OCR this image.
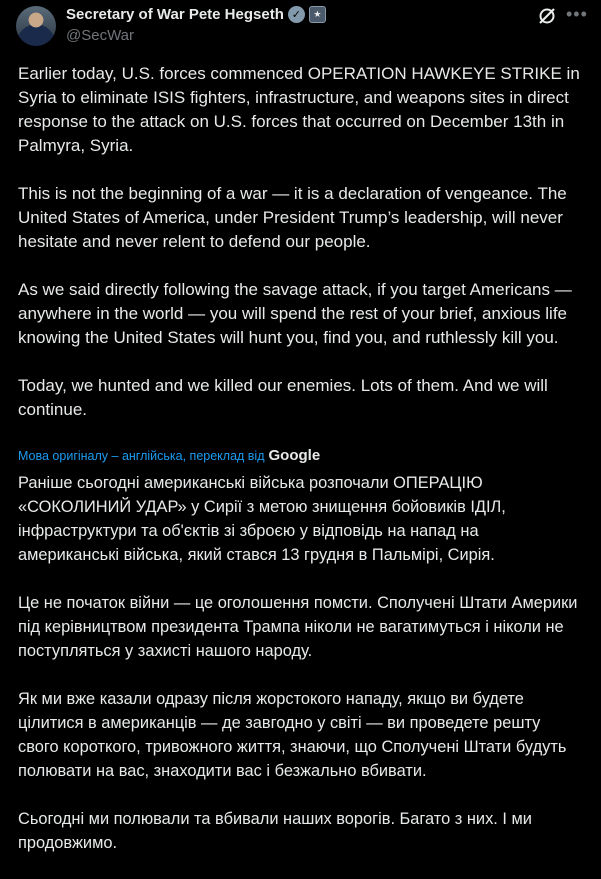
Secretary of War Pete Hegseth ✓	★
@SecWar
•••

Earlier today, U.S. forces commenced OPERATION HAWKEYE STRIKE in Syria to eliminate ISIS fighters, infrastructure, and weapons sites in direct response to the attack on U.S. forces that occurred on December 13th in Palmyra, Syria.

This is not the beginning of a war — it is a declaration of vengeance. The United States of America, under President Trump’s leadership, will never hesitate and never relent to defend our people.

As we said directly following the savage attack, if you target Americans — anywhere in the world — you will spend the rest of your brief, anxious life knowing the United States will hunt you, find you, and ruthlessly kill you.

Today, we hunted and we killed our enemies. Lots of them. And we will continue.

Мова оригіналу – англійська, переклад від Google

Раніше сьогодні американські війська розпочали ОПЕРАЦІЮ «СОКОЛИНИЙ УДАР» у Сирії з метою знищення бойовиків ІДІЛ, інфраструктури та об'єктів зі зброєю у відповідь на напад на американські війська, який стався 13 грудня в Пальмірі, Сирія.

Це не початок війни — це оголошення помсти. Сполучені Штати Америки під керівництвом президента Трампа ніколи не вагатимуться і ніколи не поступляться у захисті нашого народу.

Як ми вже казали одразу після жорстокого нападу, якщо ви будете цілитися в американців — де завгодно у світі — ви проведете решту свого короткого, тривожного життя, знаючи, що Сполучені Штати будуть полювати на вас, знаходити вас і безжально вбивати.

Сьогодні ми полювали та вбивали наших ворогів. Багато з них. І ми продовжимо.
